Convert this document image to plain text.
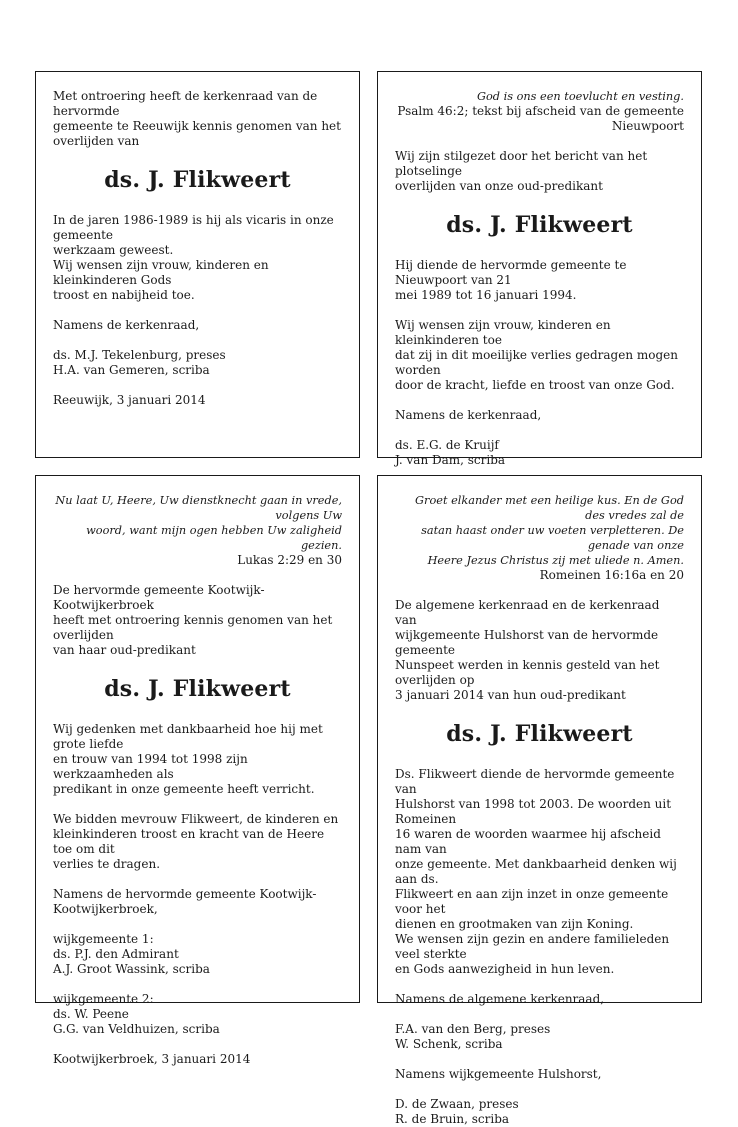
Met ontroering heeft de kerkenraad van de hervormde
gemeente te Reeuwijk kennis genomen van het
overlijden van
ds. J. Flikweert
In de jaren 1986-1989 is hij als vicaris in onze gemeente
werkzaam geweest.
Wij wensen zijn vrouw, kinderen en kleinkinderen Gods
troost en nabijheid toe.
Namens de kerkenraad,
ds. M.J. Tekelenburg, preses
H.A. van Gemeren, scriba
Reeuwijk, 3 januari 2014
God is ons een toevlucht en vesting.
Psalm 46:2; tekst bij afscheid van de gemeente
Nieuwpoort
Wij zijn stilgezet door het bericht van het plotselinge
overlijden van onze oud-predikant
ds. J. Flikweert
Hij diende de hervormde gemeente te Nieuwpoort van 21
mei 1989 tot 16 januari 1994.
Wij wensen zijn vrouw, kinderen en kleinkinderen toe
dat zij in dit moeilijke verlies gedragen mogen worden
door de kracht, liefde en troost van onze God.
Namens de kerkenraad,
ds. E.G. de Kruijf
J. van Dam, scriba
Nu laat U, Heere, Uw dienstknecht gaan in vrede, volgens Uw
woord, want mijn ogen hebben Uw zaligheid gezien.
Lukas 2:29 en 30
De hervormde gemeente Kootwijk-Kootwijkerbroek
heeft met ontroering kennis genomen van het overlijden
van haar oud-predikant
ds. J. Flikweert
Wij gedenken met dankbaarheid hoe hij met grote liefde
en trouw van 1994 tot 1998 zijn werkzaamheden als
predikant in onze gemeente heeft verricht.
We bidden mevrouw Flikweert, de kinderen en
kleinkinderen troost en kracht van de Heere toe om dit
verlies te dragen.
Namens de hervormde gemeente Kootwijk-
Kootwijkerbroek,
wijkgemeente 1:
ds. P.J. den Admirant
A.J. Groot Wassink, scriba
wijkgemeente 2:
ds. W. Peene
G.G. van Veldhuizen, scriba
Kootwijkerbroek, 3 januari 2014
Groet elkander met een heilige kus. En de God des vredes zal de
satan haast onder uw voeten verpletteren. De genade van onze
Heere Jezus Christus zij met uliede n. Amen.
Romeinen 16:16a en 20
De algemene kerkenraad en de kerkenraad van
wijkgemeente Hulshorst van de hervormde gemeente
Nunspeet werden in kennis gesteld van het overlijden op
3 januari 2014 van hun oud-predikant
ds. J. Flikweert
Ds. Flikweert diende de hervormde gemeente van
Hulshorst van 1998 tot 2003. De woorden uit Romeinen
16 waren de woorden waarmee hij afscheid nam van
onze gemeente. Met dankbaarheid denken wij aan ds.
Flikweert en aan zijn inzet in onze gemeente voor het
dienen en grootmaken van zijn Koning.
We wensen zijn gezin en andere familieleden veel sterkte
en Gods aanwezigheid in hun leven.
Namens de algemene kerkenraad,
F.A. van den Berg, preses
W. Schenk, scriba
Namens wijkgemeente Hulshorst,
D. de Zwaan, preses
R. de Bruin, scriba
